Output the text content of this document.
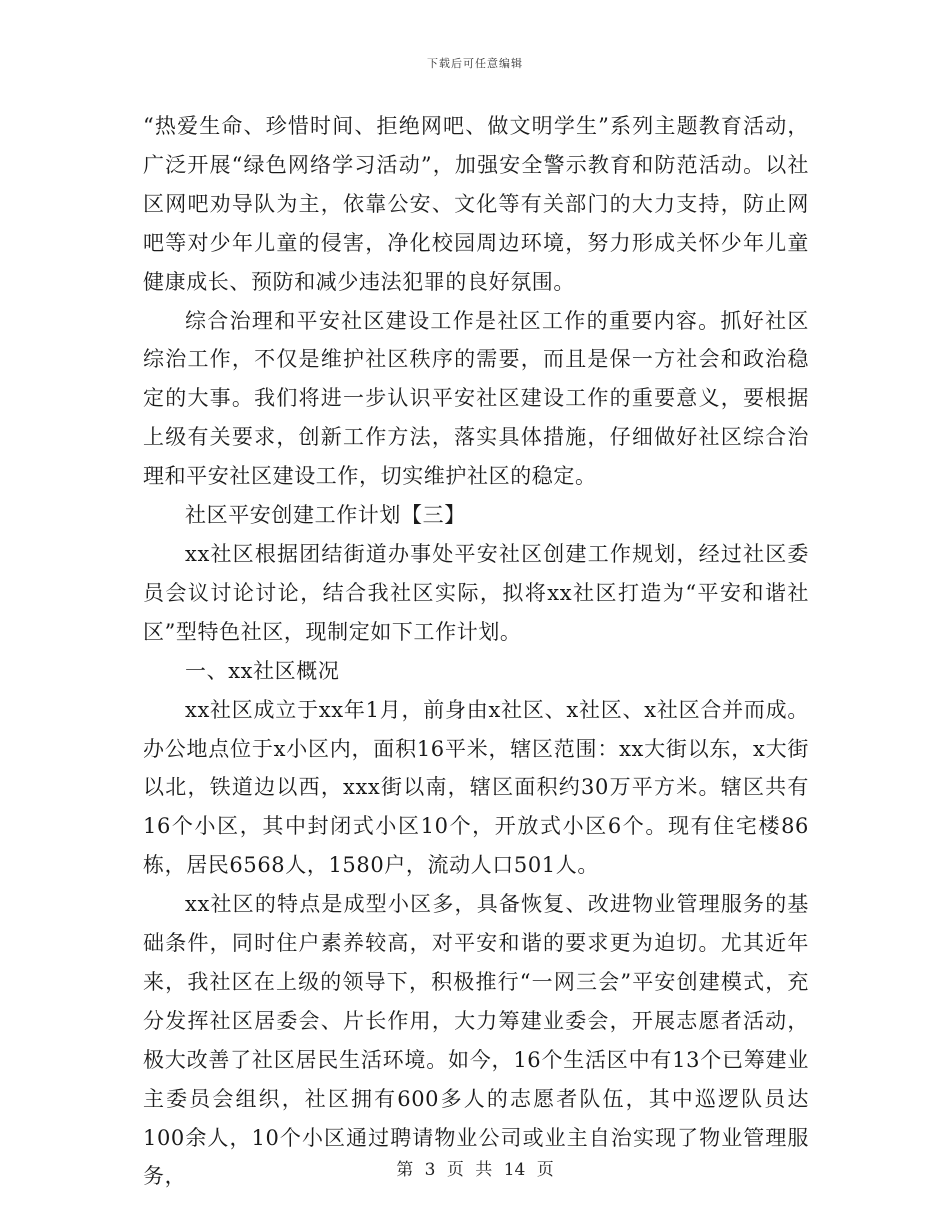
下载后可任意编辑

“热爱生命、珍惜时间、拒绝网吧、做文明学生”系列主题教育活动，广泛开展“绿色网络学习活动”，加强安全警示教育和防范活动。以社区网吧劝导队为主，依靠公安、文化等有关部门的大力支持，防止网吧等对少年儿童的侵害，净化校园周边环境，努力形成关怀少年儿童健康成长、预防和减少违法犯罪的良好氛围。

综合治理和平安社区建设工作是社区工作的重要内容。抓好社区综治工作，不仅是维护社区秩序的需要，而且是保一方社会和政治稳定的大事。我们将进一步认识平安社区建设工作的重要意义，要根据上级有关要求，创新工作方法，落实具体措施，仔细做好社区综合治理和平安社区建设工作，切实维护社区的稳定。

社区平安创建工作计划【三】

xx社区根据团结街道办事处平安社区创建工作规划，经过社区委员会议讨论讨论，结合我社区实际，拟将xx社区打造为“平安和谐社区”型特色社区，现制定如下工作计划。

一、xx社区概况

xx社区成立于xx年1月，前身由x社区、x社区、x社区合并而成。办公地点位于x小区内，面积16平米，辖区范围：xx大街以东，x大街以北，铁道边以西，xxx街以南，辖区面积约30万平方米。辖区共有16个小区，其中封闭式小区10个，开放式小区6个。现有住宅楼86栋，居民6568人，1580户，流动人口501人。

xx社区的特点是成型小区多，具备恢复、改进物业管理服务的基础条件，同时住户素养较高，对平安和谐的要求更为迫切。尤其近年来，我社区在上级的领导下，积极推行“一网三会”平安创建模式，充分发挥社区居委会、片长作用，大力筹建业委会，开展志愿者活动，极大改善了社区居民生活环境。如今，16个生活区中有13个已筹建业主委员会组织，社区拥有600多人的志愿者队伍，其中巡逻队员达100余人，10个小区通过聘请物业公司或业主自治实现了物业管理服务，	第 3 页 共 14 页
